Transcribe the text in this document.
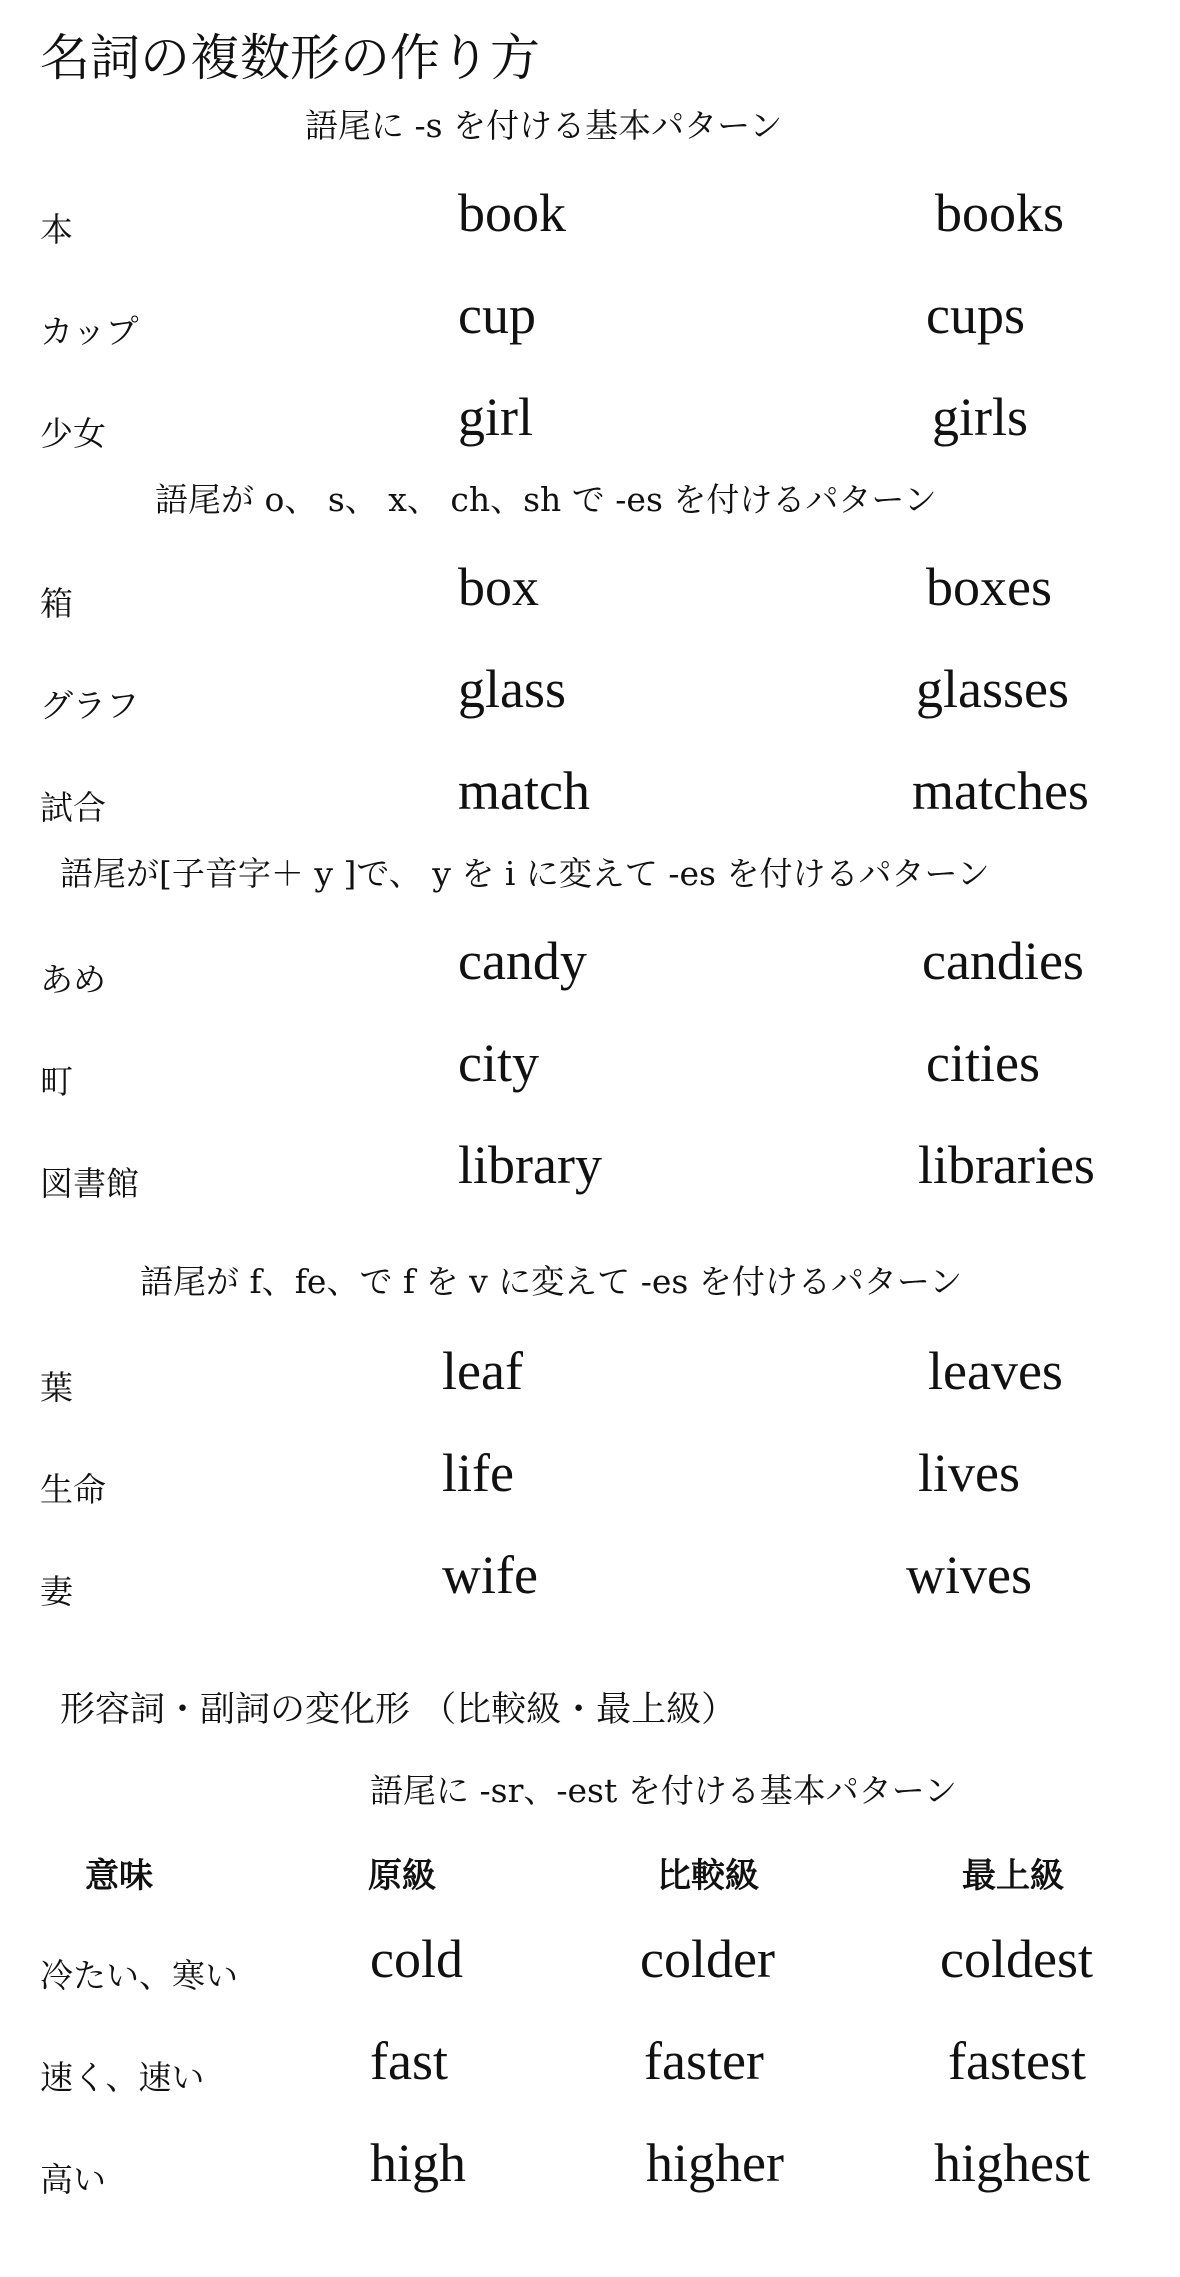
名詞の複数形の作り方
語尾に -s を付ける基本パターン
本	book	books
カップ	cup	cups
少女	girl	girls
語尾が o、 s、 x、 ch、sh で -es を付けるパターン
箱	box	boxes
グラフ	glass	glasses
試合	match	matches
語尾が[子音字＋ y ]で、 y を i に変えて -es を付けるパターン
あめ	candy	candies
町	city	cities
図書館	library	libraries
語尾が f、fe、で f を v に変えて -es を付けるパターン
葉	leaf	leaves
生命	life	lives
妻	wife	wives
形容詞・副詞の変化形 （比較級・最上級）
語尾に -sr、-est を付ける基本パターン
意味	原級	比較級	最上級
冷たい、寒い cold	colder	coldest
速く、速い	fast	faster	fastest
高い	high	higher	highest
